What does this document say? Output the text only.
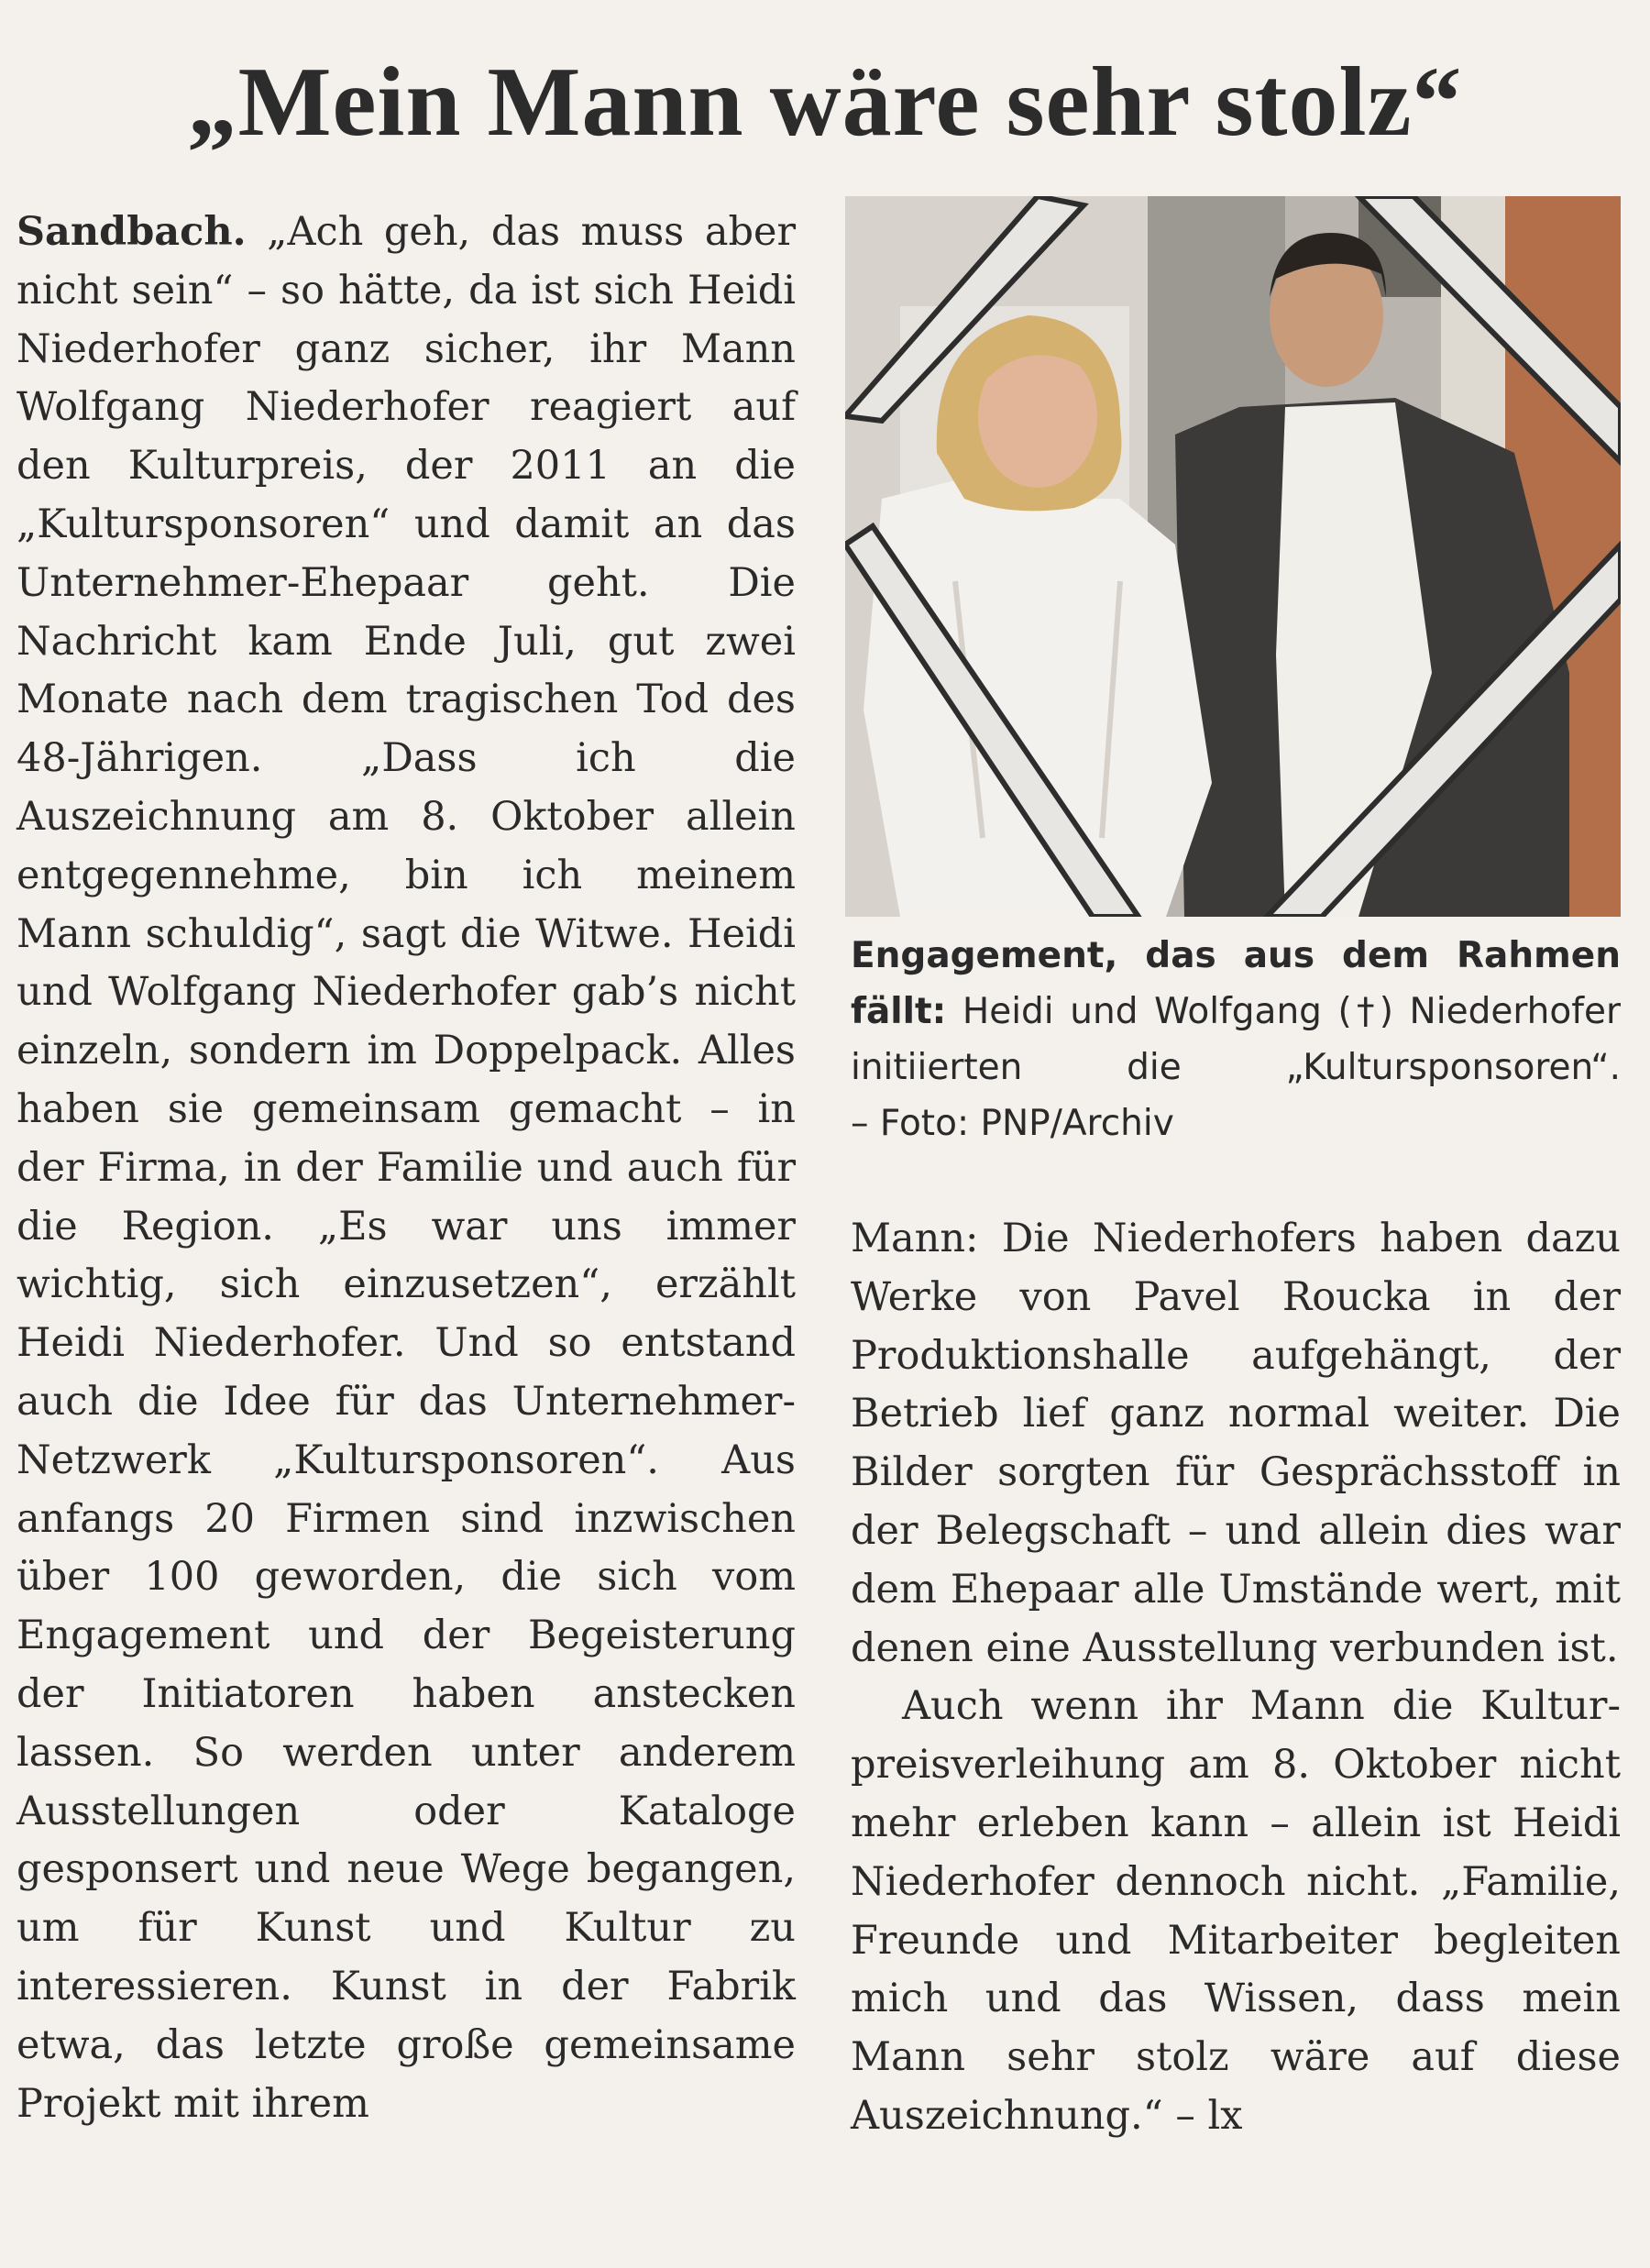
„Mein Mann wäre sehr stolz“

Sandbach. „Ach geh, das muss aber nicht sein“ – so hätte, da ist sich Heidi Niederhofer ganz sicher, ihr Mann Wolfgang Niederhofer reagiert auf den Kulturpreis, der 2011 an die „Kultursponsoren“ und damit an das Unternehmer-Ehepaar geht. Die Nachricht kam Ende Juli, gut zwei Monate nach dem tragischen Tod des 48-Jährigen. „Dass ich die Auszeichnung am 8. Oktober allein entgegennehme, bin ich meinem Mann schuldig“, sagt die Witwe. Heidi und Wolfgang Niederhofer gab’s nicht einzeln, sondern im Doppelpack. Alles haben sie gemeinsam gemacht – in der Firma, in der Familie und auch für die Region. „Es war uns immer wichtig, sich einzusetzen“, erzählt Heidi Niederhofer. Und so entstand auch die Idee für das Unternehmer-Netzwerk „Kultursponsoren“. Aus anfangs 20 Firmen sind inzwischen über 100 geworden, die sich vom Engagement und der Begeisterung der Initiatoren haben anstecken lassen. So werden unter anderem Ausstellungen oder Kataloge gesponsert und neue Wege begangen, um für Kunst und Kultur zu interessieren. Kunst in der Fabrik etwa, das letzte große gemeinsame Projekt mit ihrem

Engagement, das aus dem Rahmen fällt: Heidi und Wolfgang (†) Niederhofer initiierten die „Kultursponsoren“. – Foto: PNP/Archiv

Mann: Die Niederhofers haben dazu Werke von Pavel Roucka in der Produktionshalle aufgehängt, der Betrieb lief ganz normal weiter. Die Bilder sorgten für Gesprächsstoff in der Belegschaft – und allein dies war dem Ehepaar alle Umstände wert, mit denen eine Ausstellung verbunden ist.

Auch wenn ihr Mann die Kulturpreisverleihung am 8. Oktober nicht mehr erleben kann – allein ist Heidi Niederhofer dennoch nicht. „Familie, Freunde und Mitarbeiter begleiten mich und das Wissen, dass mein Mann sehr stolz wäre auf diese Auszeichnung.“ – lx
